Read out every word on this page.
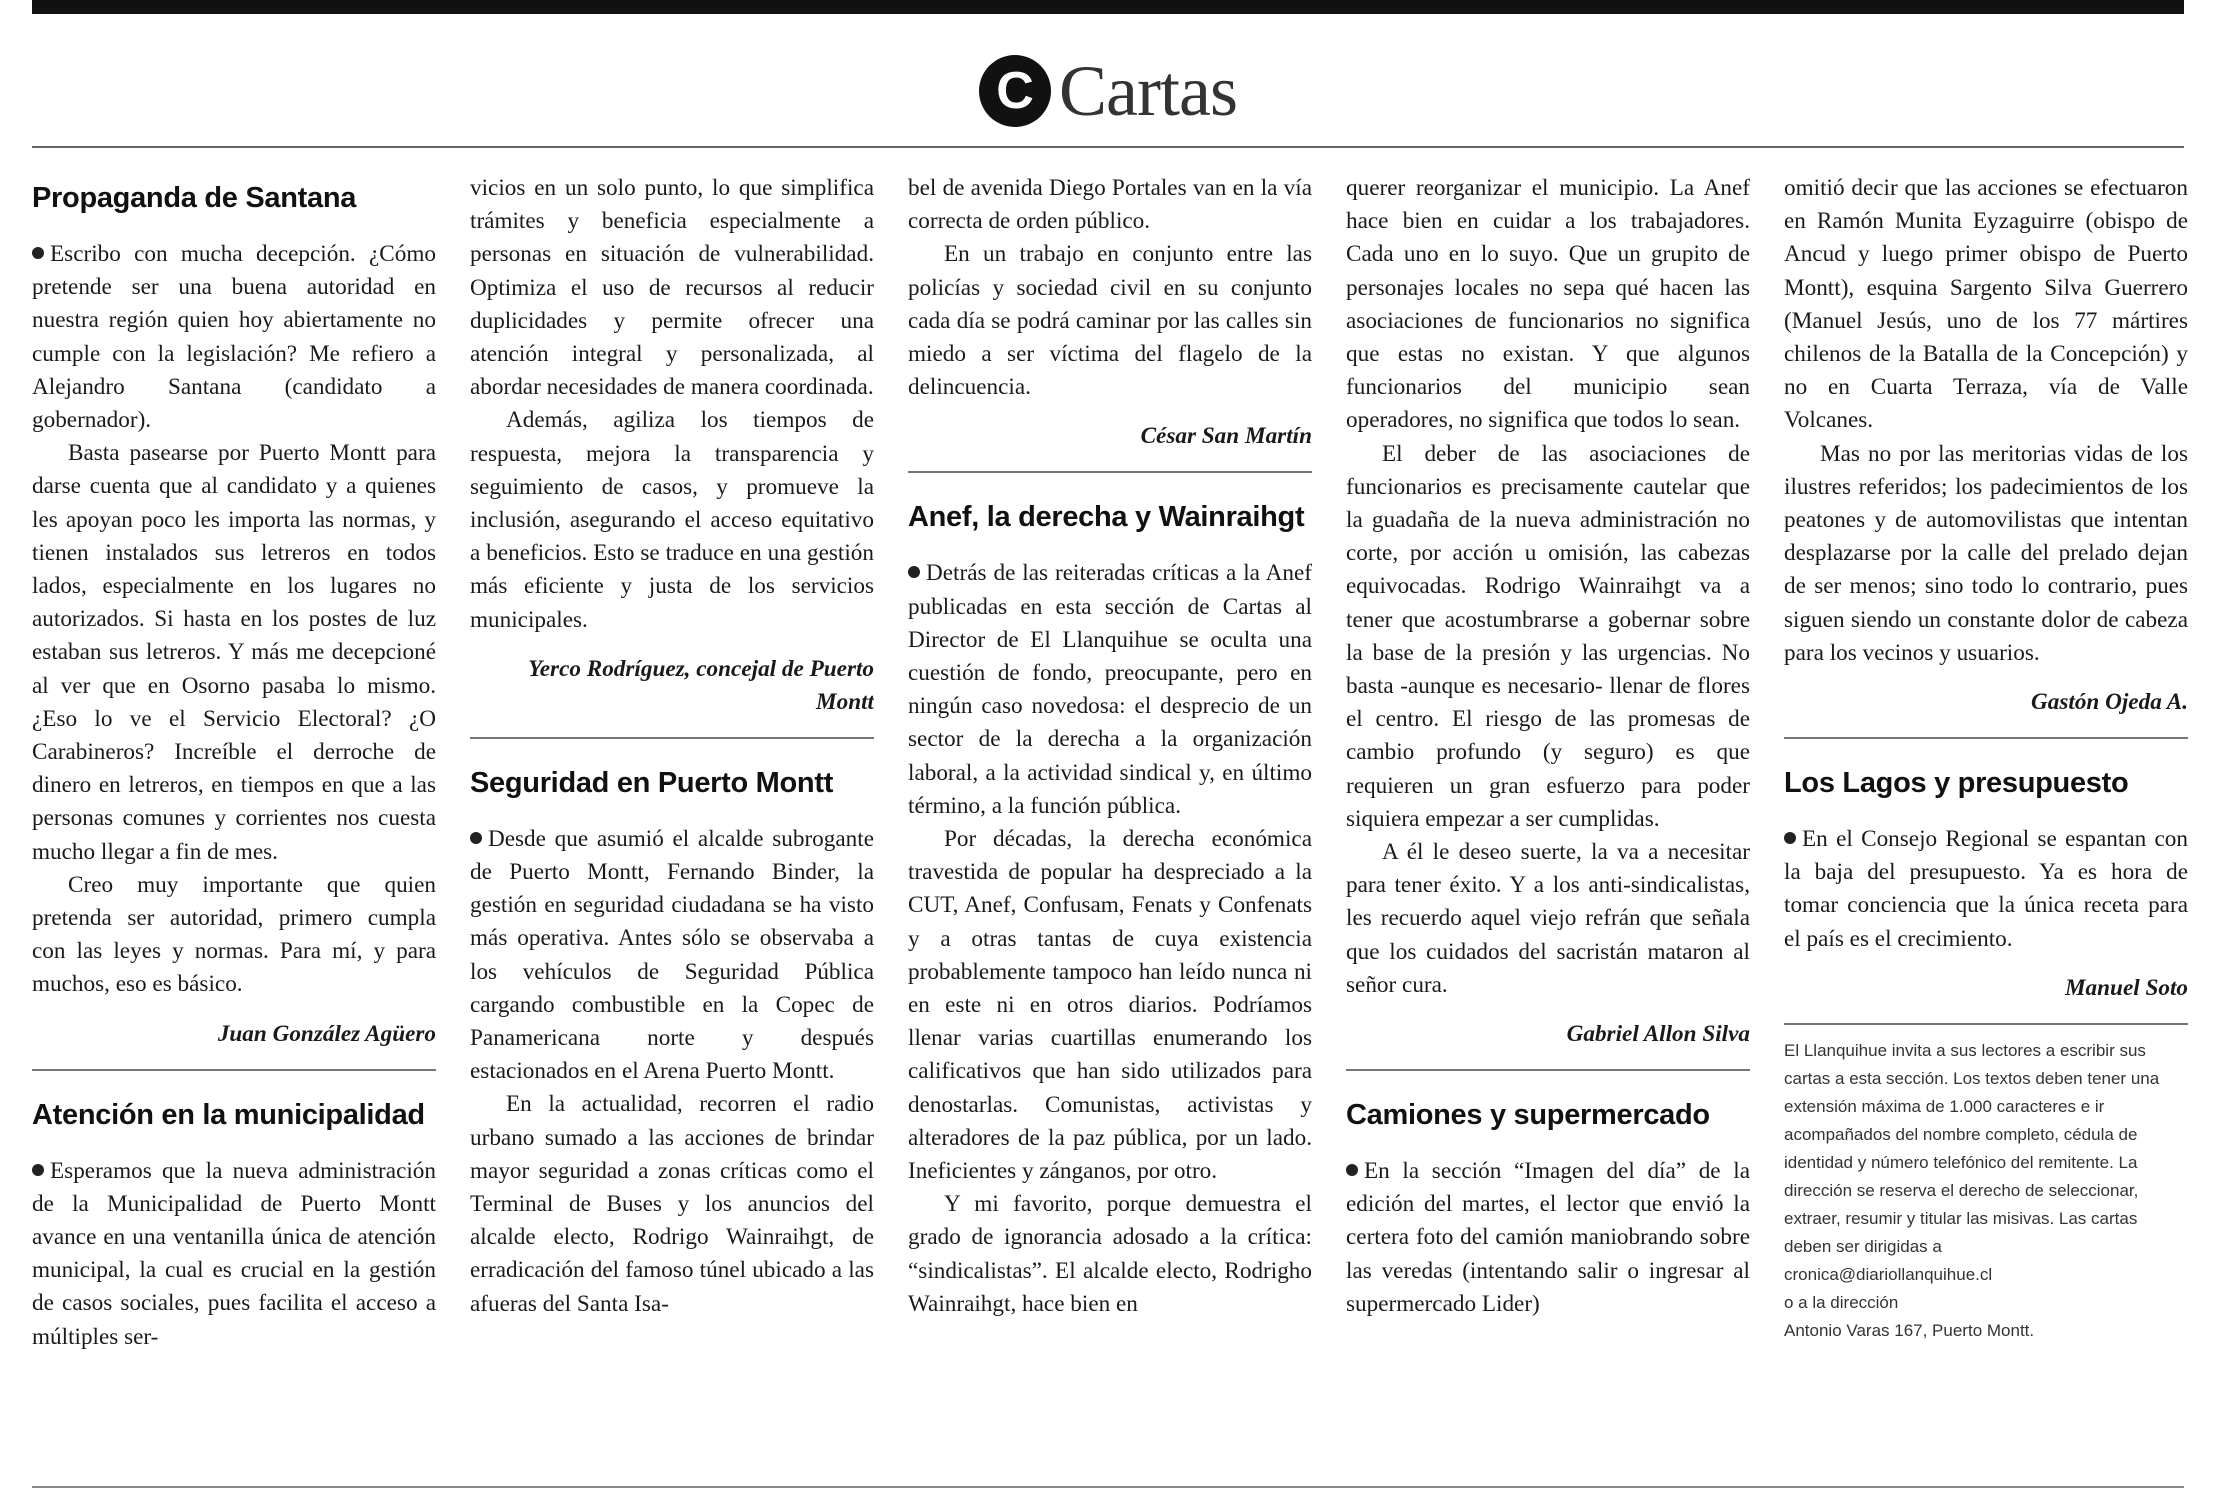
C Cartas
Propaganda de Santana

Escribo con mucha decepción. ¿Cómo pretende ser una buena autoridad en nuestra región quien hoy abiertamente no cumple con la legislación? Me refiero a Alejandro Santana (candidato a gobernador).

Basta pasearse por Puerto Montt para darse cuenta que al candidato y a quienes les apoyan poco les importa las normas, y tienen instalados sus letreros en todos lados, especialmente en los lugares no autorizados. Si hasta en los postes de luz estaban sus letreros. Y más me decepcioné al ver que en Osorno pasaba lo mismo. ¿Eso lo ve el Servicio Electoral? ¿O Carabineros? Increíble el derroche de dinero en letreros, en tiempos en que a las personas comunes y corrientes nos cuesta mucho llegar a fin de mes.

Creo muy importante que quien pretenda ser autoridad, primero cumpla con las leyes y normas. Para mí, y para muchos, eso es básico.

Juan González Agüero
Atención en la municipalidad

Esperamos que la nueva administración de la Municipalidad de Puerto Montt avance en una ventanilla única de atención municipal, la cual es crucial en la gestión de casos sociales, pues facilita el acceso a múltiples ser-

vicios en un solo punto, lo que simplifica trámites y beneficia especialmente a personas en situación de vulnerabilidad. Optimiza el uso de recursos al reducir duplicidades y permite ofrecer una atención integral y personalizada, al abordar necesidades de manera coordinada.

Además, agiliza los tiempos de respuesta, mejora la transparencia y seguimiento de casos, y promueve la inclusión, asegurando el acceso equitativo a beneficios. Esto se traduce en una gestión más eficiente y justa de los servicios municipales.

Yerco Rodríguez, concejal de Puerto Montt
Seguridad en Puerto Montt

Desde que asumió el alcalde subrogante de Puerto Montt, Fernando Binder, la gestión en seguridad ciudadana se ha visto más operativa. Antes sólo se observaba a los vehículos de Seguridad Pública cargando combustible en la Copec de Panamericana norte y después estacionados en el Arena Puerto Montt.

En la actualidad, recorren el radio urbano sumado a las acciones de brindar mayor seguridad a zonas críticas como el Terminal de Buses y los anuncios del alcalde electo, Rodrigo Wainraihgt, de erradicación del famoso túnel ubicado a las afueras del Santa Isa-

bel de avenida Diego Portales van en la vía correcta de orden público.

En un trabajo en conjunto entre las policías y sociedad civil en su conjunto cada día se podrá caminar por las calles sin miedo a ser víctima del flagelo de la delincuencia.

César San Martín
Anef, la derecha y Wainraihgt

Detrás de las reiteradas críticas a la Anef publicadas en esta sección de Cartas al Director de El Llanquihue se oculta una cuestión de fondo, preocupante, pero en ningún caso novedosa: el desprecio de un sector de la derecha a la organización laboral, a la actividad sindical y, en último término, a la función pública.

Por décadas, la derecha económica travestida de popular ha despreciado a la CUT, Anef, Confusam, Fenats y Confenats y a otras tantas de cuya existencia probablemente tampoco han leído nunca ni en este ni en otros diarios. Podríamos llenar varias cuartillas enumerando los calificativos que han sido utilizados para denostarlas. Comunistas, activistas y alteradores de la paz pública, por un lado. Ineficientes y zánganos, por otro.

Y mi favorito, porque demuestra el grado de ignorancia adosado a la crítica: “sindicalistas”. El alcalde electo, Rodrigho Wainraihgt, hace bien en

querer reorganizar el municipio. La Anef hace bien en cuidar a los trabajadores. Cada uno en lo suyo. Que un grupito de personajes locales no sepa qué hacen las asociaciones de funcionarios no significa que estas no existan. Y que algunos funcionarios del municipio sean operadores, no significa que todos lo sean.

El deber de las asociaciones de funcionarios es precisamente cautelar que la guadaña de la nueva administración no corte, por acción u omisión, las cabezas equivocadas. Rodrigo Wainraihgt va a tener que acostumbrarse a gobernar sobre la base de la presión y las urgencias. No basta -aunque es necesario- llenar de flores el centro. El riesgo de las promesas de cambio profundo (y seguro) es que requieren un gran esfuerzo para poder siquiera empezar a ser cumplidas.

A él le deseo suerte, la va a necesitar para tener éxito. Y a los anti-sindicalistas, les recuerdo aquel viejo refrán que señala que los cuidados del sacristán mataron al señor cura.

Gabriel Allon Silva
Camiones y supermercado

En la sección “Imagen del día” de la edición del martes, el lector que envió la certera foto del camión maniobrando sobre las veredas (intentando salir o ingresar al supermercado Lider)

omitió decir que las acciones se efectuaron en Ramón Munita Eyzaguirre (obispo de Ancud y luego primer obispo de Puerto Montt), esquina Sargento Silva Guerrero (Manuel Jesús, uno de los 77 mártires chilenos de la Batalla de la Concepción) y no en Cuarta Terraza, vía de Valle Volcanes.

Mas no por las meritorias vidas de los ilustres referidos; los padecimientos de los peatones y de automovilistas que intentan desplazarse por la calle del prelado dejan de ser menos; sino todo lo contrario, pues siguen siendo un constante dolor de cabeza para los vecinos y usuarios.

Gastón Ojeda A.
Los Lagos y presupuesto

En el Consejo Regional se espantan con la baja del presupuesto. Ya es hora de tomar conciencia que la única receta para el país es el crecimiento.

Manuel Soto

El Llanquihue invita a sus lectores a escribir sus cartas a esta sección. Los textos deben tener una extensión máxima de 1.000 caracteres e ir acompañados del nombre completo, cédula de identidad y número telefónico del remitente. La dirección se reserva el derecho de seleccionar, extraer, resumir y titular las misivas. Las cartas deben ser dirigidas a

cronica@diariollanquihue.cl

o a la dirección

Antonio Varas 167, Puerto Montt.
